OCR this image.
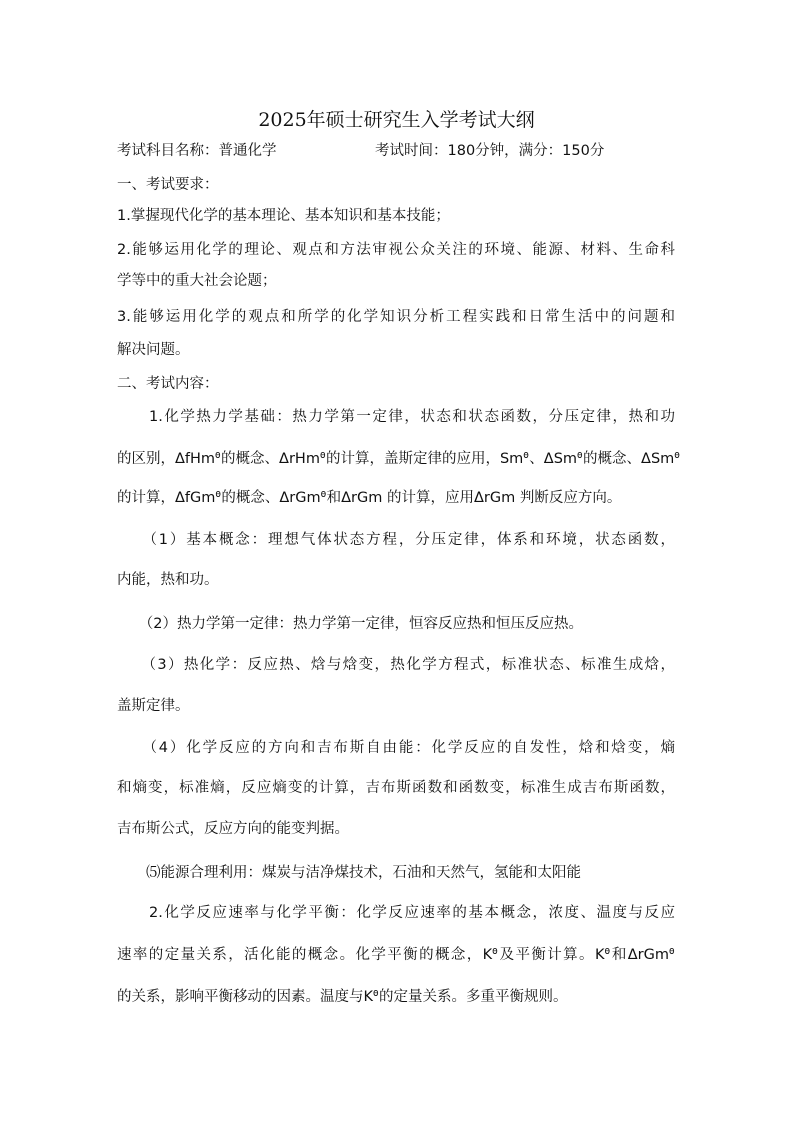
2025年硕士研究生入学考试大纲
考试科目名称：普通化学	考试时间：180分钟，满分：150分
一、考试要求：
1.掌握现代化学的基本理论、基本知识和基本技能；
2.能够运用化学的理论、观点和方法审视公众关注的环境、能源、材料、生命科
学等中的重大社会论题；
3.能够运用化学的观点和所学的化学知识分析工程实践和日常生活中的问题和
解决问题。
二、考试内容：
　　1.化学热力学基础：热力学第一定律，状态和状态函数，分压定律，热和功
的区别，ΔfHmᶿ的概念、ΔrHmᶿ的计算，盖斯定律的应用，Smᶿ、ΔSmᶿ的概念、ΔSmᶿ
的计算，ΔfGmᶿ的概念、ΔrGmᶿ和ΔrGm 的计算，应用ΔrGm 判断反应方向。
　　（1）基本概念：理想气体状态方程，分压定律，体系和环境，状态函数，
内能，热和功。
　　（2）热力学第一定律：热力学第一定律，恒容反应热和恒压反应热。
　　（3）热化学：反应热、焓与焓变，热化学方程式，标准状态、标准生成焓，
盖斯定律。
　　（4）化学反应的方向和吉布斯自由能：化学反应的自发性，焓和焓变，熵
和熵变，标准熵，反应熵变的计算，吉布斯函数和函数变，标准生成吉布斯函数，
吉布斯公式，反应方向的能变判据。
　　⑸能源合理利用：煤炭与洁净煤技术，石油和天然气，氢能和太阳能
　　2.化学反应速率与化学平衡：化学反应速率的基本概念，浓度、温度与反应
速率的定量关系，活化能的概念。化学平衡的概念，Kᶿ及平衡计算。Kᶿ和ΔrGmᶿ
的关系，影响平衡移动的因素。温度与Kᶿ的定量关系。多重平衡规则。
